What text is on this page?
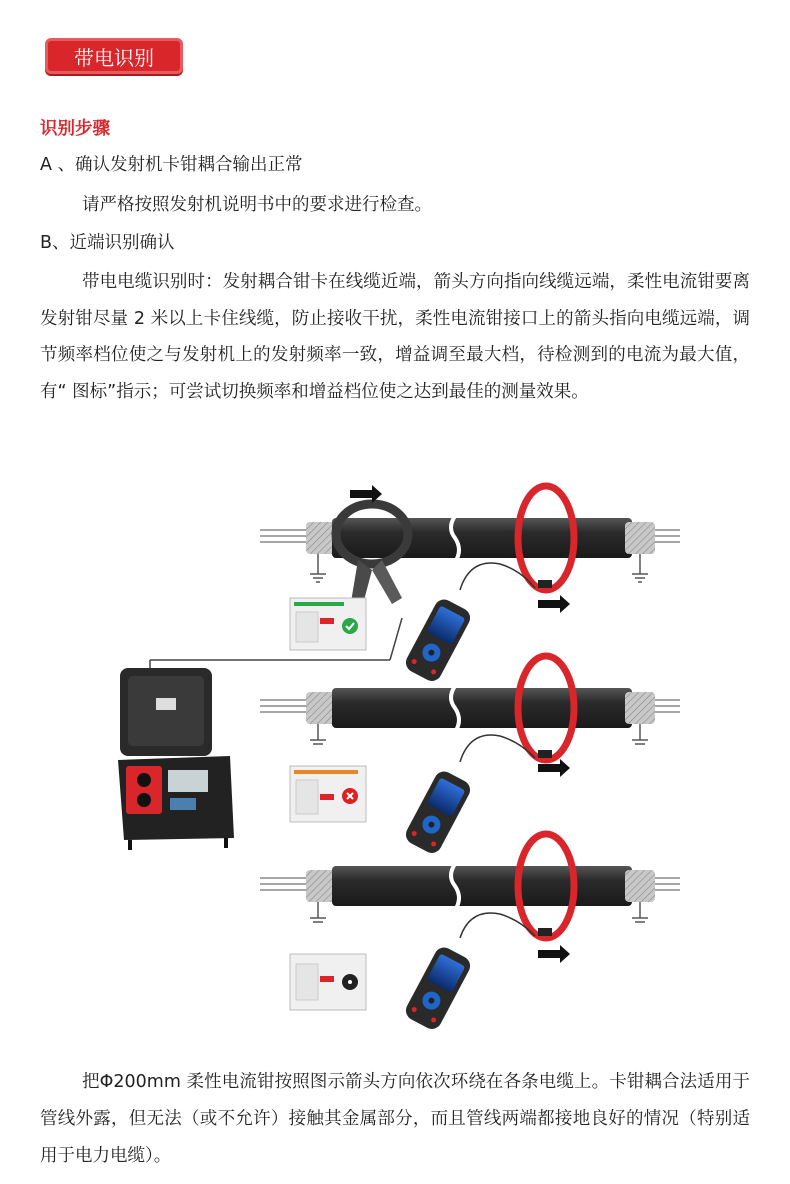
带电识别
识别步骤
A 、确认发射机卡钳耦合输出正常
请严格按照发射机说明书中的要求进行检查。
B、近端识别确认
带电电缆识别时：发射耦合钳卡在线缆近端，箭头方向指向线缆远端，柔性电流钳要离发射钳尽量 2 米以上卡住线缆，防止接收干扰，柔性电流钳接口上的箭头指向电缆远端，调节频率档位使之与发射机上的发射频率一致，增益调至最大档，待检测到的电流为最大值，有“ 图标”指示；可尝试切换频率和增益档位使之达到最佳的测量效果。
把Φ200mm 柔性电流钳按照图示箭头方向依次环绕在各条电缆上。卡钳耦合法适用于管线外露，但无法（或不允许）接触其金属部分，而且管线两端都接地良好的情况（特别适用于电力电缆）。
